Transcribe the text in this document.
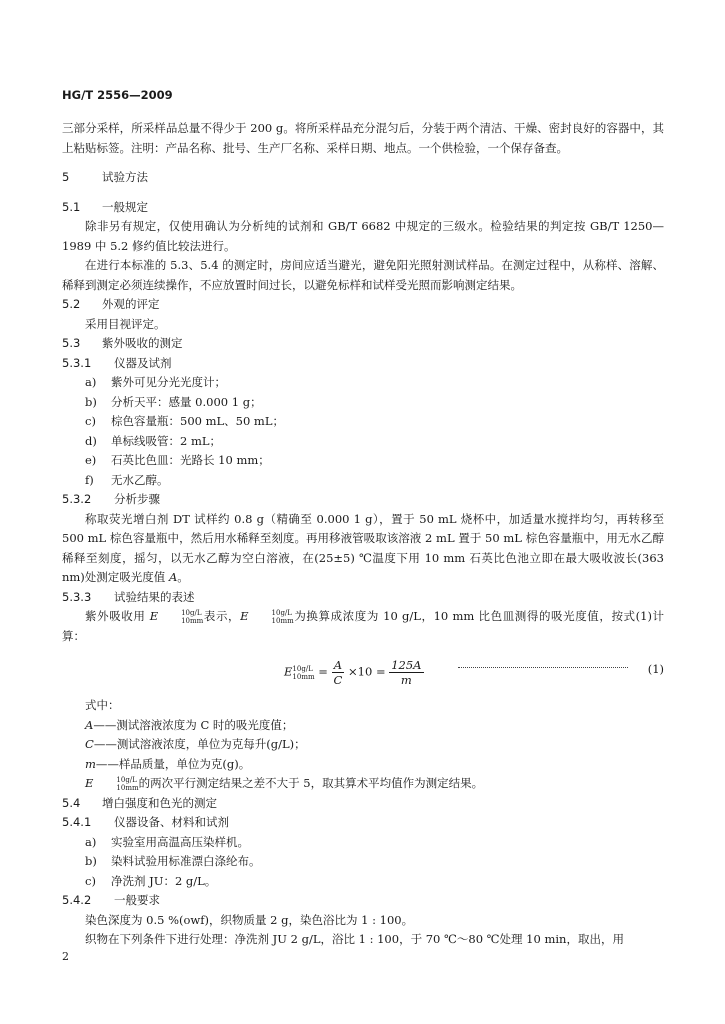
HG/T 2556—2009

三部分采样，所采样品总量不得少于 200 g。将所采样品充分混匀后，分装于两个清洁、干燥、密封良好的容器中，其上粘贴标签。注明：产品名称、批号、生产厂名称、采样日期、地点。一个供检验，一个保存备查。

5	试验方法
5.1 一般规定

除非另有规定，仅使用确认为分析纯的试剂和 GB/T 6682 中规定的三级水。检验结果的判定按 GB/T 1250—1989 中 5.2 修约值比较法进行。

在进行本标准的 5.3、5.4 的测定时，房间应适当避光，避免阳光照射测试样品。在测定过程中，从称样、溶解、稀释到测定必须连续操作，不应放置时间过长，以避免标样和试样受光照而影响测定结果。

5.2 外观的评定

采用目视评定。

5.3 紫外吸收的测定
5.3.1 仪器及试剂
a) 紫外可见分光光度计；
b) 分析天平：感量 0.000 1 g；
c) 棕色容量瓶：500 mL、50 mL；
d) 单标线吸管：2 mL；
e) 石英比色皿：光路长 10 mm；
f) 无水乙醇。
5.3.2 分析步骤

称取荧光增白剂 DT 试样约 0.8 g（精确至 0.000 1 g），置于 50 mL 烧杯中，加适量水搅拌均匀，再转移至 500 mL 棕色容量瓶中，然后用水稀释至刻度。再用移液管吸取该溶液 2 mL 置于 50 mL 棕色容量瓶中，用无水乙醇稀释至刻度，摇匀，以无水乙醇为空白溶液，在(25±5) ℃温度下用 10 mm 石英比色池立即在最大吸收波长(363 nm)处测定吸光度值 A。

5.3.3 试验结果的表述

紫外吸收用 E	10g/L
10mm 表示，E	10g/L
10mm 为换算成浓度为 10 g/L，10 mm 比色皿测得的吸光度值，按式(1)计算：

E 10g/L
$10mm = \frac{A}{C} \times 10 = \frac{125A}{m}$	(1)

式中：

A——测试溶液浓度为 C 时的吸光度值；

C——测试溶液浓度，单位为克每升(g/L)；

m——样品质量，单位为克(g)。

E	10g/L
10mm 的两次平行测定结果之差不大于 5，取其算术平均值作为测定结果。

5.4 增白强度和色光的测定
5.4.1 仪器设备、材料和试剂
a) 实验室用高温高压染样机。
b) 染料试验用标准漂白涤纶布。
c) 净洗剂 JU：2 g/L。
5.4.2 一般要求

染色深度为 0.5 %(owf)，织物质量 2 g，染色浴比为 1 : 100。

织物在下列条件下进行处理：净洗剂 JU 2 g/L，浴比 1 : 100，于 70 ℃～80 ℃处理 10 min，取出，用

2
